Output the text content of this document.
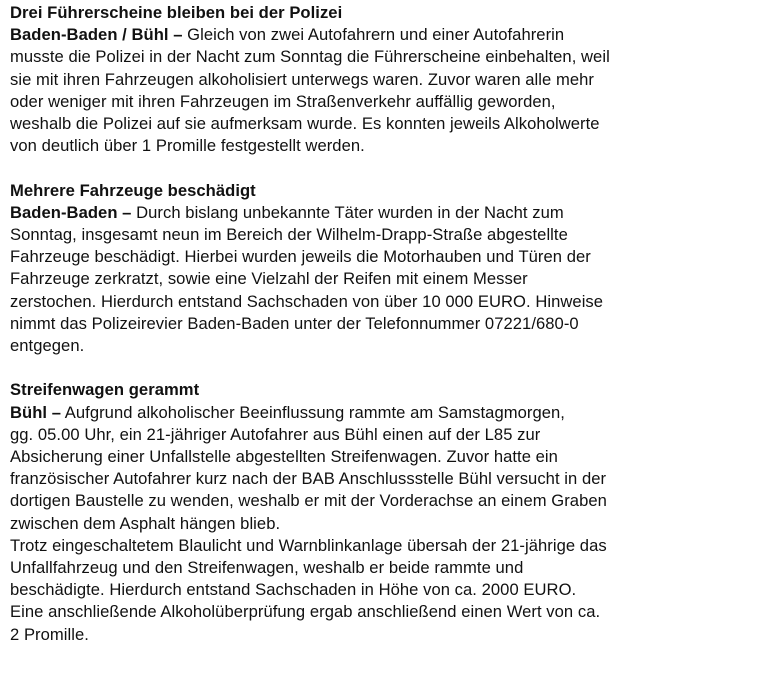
Drei Führerscheine bleiben bei der Polizei
Baden-Baden / Bühl – Gleich von zwei Autofahrern und einer Autofahrerin
musste die Polizei in der Nacht zum Sonntag die Führerscheine einbehalten, weil
sie mit ihren Fahrzeugen alkoholisiert unterwegs waren. Zuvor waren alle mehr
oder weniger mit ihren Fahrzeugen im Straßenverkehr auffällig geworden,
weshalb die Polizei auf sie aufmerksam wurde. Es konnten jeweils Alkoholwerte
von deutlich über 1 Promille festgestellt werden.
Mehrere Fahrzeuge beschädigt
Baden-Baden – Durch bislang unbekannte Täter wurden in der Nacht zum
Sonntag, insgesamt neun im Bereich der Wilhelm-Drapp-Straße abgestellte
Fahrzeuge beschädigt. Hierbei wurden jeweils die Motorhauben und Türen der
Fahrzeuge zerkratzt, sowie eine Vielzahl der Reifen mit einem Messer
zerstochen. Hierdurch entstand Sachschaden von über 10 000 EURO. Hinweise
nimmt das Polizeirevier Baden-Baden unter der Telefonnummer 07221/680-0
entgegen.
Streifenwagen gerammt
Bühl – Aufgrund alkoholischer Beeinflussung rammte am Samstagmorgen,
gg. 05.00 Uhr, ein 21-jähriger Autofahrer aus Bühl einen auf der L85 zur
Absicherung einer Unfallstelle abgestellten Streifenwagen. Zuvor hatte ein
französischer Autofahrer kurz nach der BAB Anschlussstelle Bühl versucht in der
dortigen Baustelle zu wenden, weshalb er mit der Vorderachse an einem Graben
zwischen dem Asphalt hängen blieb.
Trotz eingeschaltetem Blaulicht und Warnblinkanlage übersah der 21-jährige das
Unfallfahrzeug und den Streifenwagen, weshalb er beide rammte und
beschädigte. Hierdurch entstand Sachschaden in Höhe von ca. 2000 EURO.
Eine anschließende Alkoholüberprüfung ergab anschließend einen Wert von ca.
2 Promille.
